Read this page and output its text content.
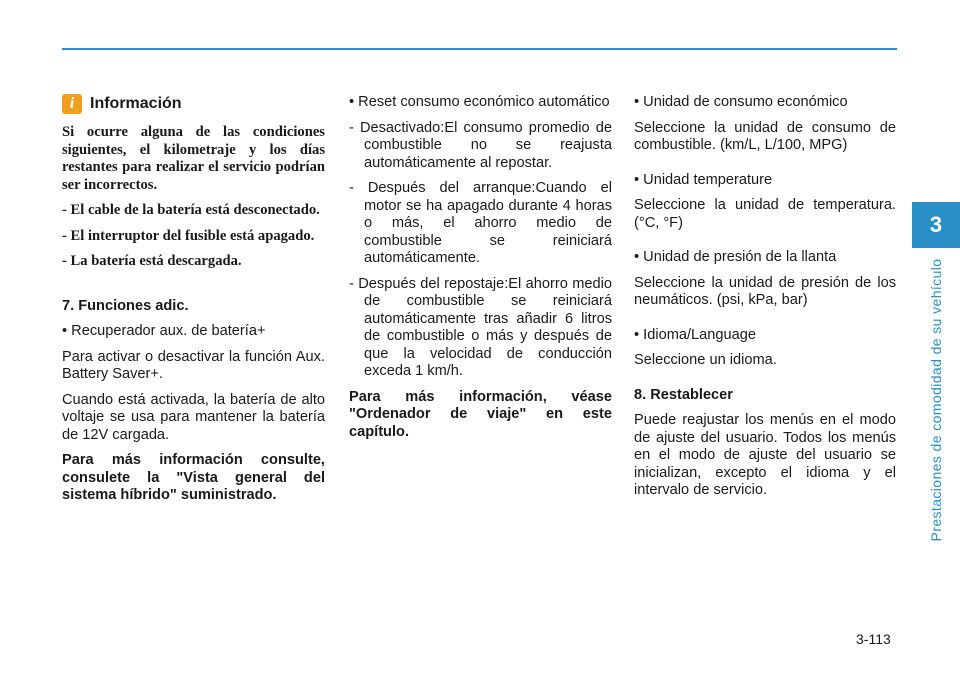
3
Prestaciones de comodidad de su vehículo
i Información

Si ocurre alguna de las condiciones siguientes, el kilometraje y los días restantes para realizar el servicio podrían ser incorrectos.

- El cable de la batería está desconectado.

- El interruptor del fusible está apagado.

- La batería está descargada.

7. Funciones adic.

• Recuperador aux. de batería+

Para activar o desactivar la función Aux. Battery Saver+.

Cuando está activada, la batería de alto voltaje se usa para mantener la batería de 12V cargada.

Para más información consulte, consulete la "Vista general del sistema híbrido" suministrado.

• Reset consumo económico automático

- Desactivado:El consumo promedio de combustible no se reajusta automáticamente al repostar.

- Después del arranque:Cuando el motor se ha apagado durante 4 horas o más, el ahorro medio de combustible se reiniciará automáticamente.

- Después del repostaje:El ahorro medio de combustible se reiniciará automáticamente tras añadir 6 litros de combustible o más y después de que la velocidad de conducción exceda 1 km/h.

Para más información, véase "Ordenador de viaje" en este capítulo.

• Unidad de consumo económico

Seleccione la unidad de consumo de combustible. (km/L, L/100, MPG)

• Unidad temperature

Seleccione la unidad de temperatura. (°C, °F)

• Unidad de presión de la llanta

Seleccione la unidad de presión de los neumáticos. (psi, kPa, bar)

• Idioma/Language

Seleccione un idioma.

8. Restablecer

Puede reajustar los menús en el modo de ajuste del usuario. Todos los menús en el modo de ajuste del usuario se inicializan, excepto el idioma y el intervalo de servicio.

3-113
